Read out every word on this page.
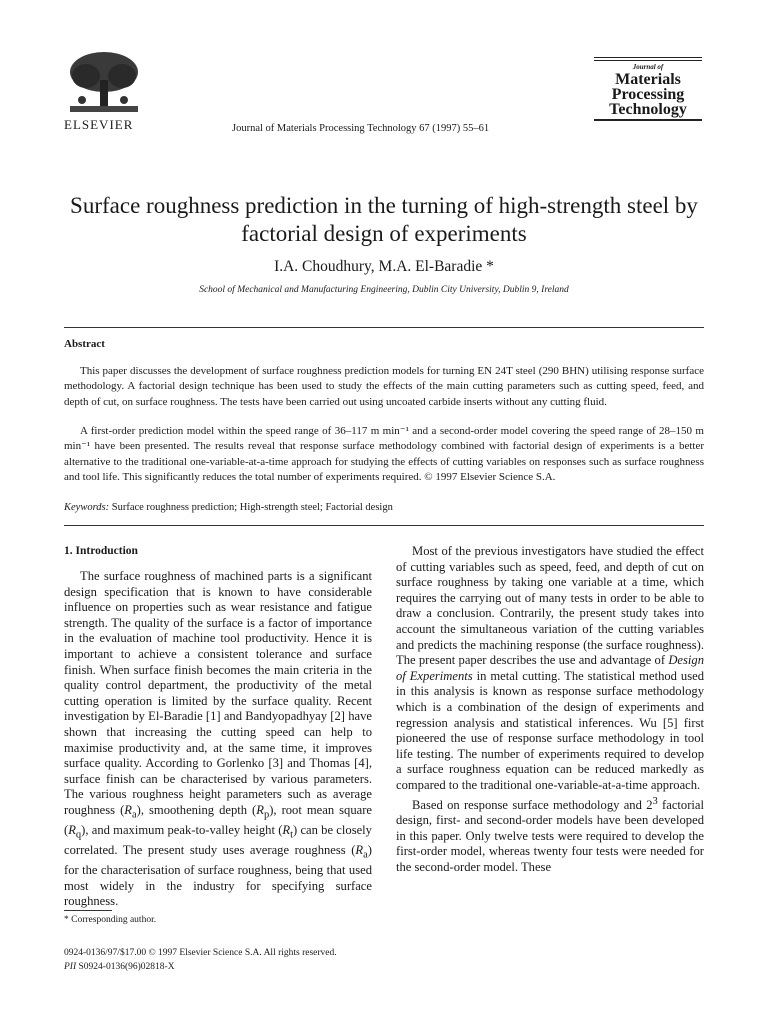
ELSEVIER	Journal of Materials Processing Technology 67 (1997) 55–61
Journal of
Materials
Processing
Technology
Surface roughness prediction in the turning of high-strength steel by factorial design of experiments
I.A. Choudhury, M.A. El-Baradie *
School of Mechanical and Manufacturing Engineering, Dublin City University, Dublin 9, Ireland
Abstract
This paper discusses the development of surface roughness prediction models for turning EN 24T steel (290 BHN) utilising response surface methodology. A factorial design technique has been used to study the effects of the main cutting parameters such as cutting speed, feed, and depth of cut, on surface roughness. The tests have been carried out using uncoated carbide inserts without any cutting fluid.
A first-order prediction model within the speed range of 36–117 m min⁻¹ and a second-order model covering the speed range of 28–150 m min⁻¹ have been presented. The results reveal that response surface methodology combined with factorial design of experiments is a better alternative to the traditional one-variable-at-a-time approach for studying the effects of cutting variables on responses such as surface roughness and tool life. This significantly reduces the total number of experiments required. © 1997 Elsevier Science S.A.
Keywords: Surface roughness prediction; High-strength steel; Factorial design
1. Introduction

The surface roughness of machined parts is a significant design specification that is known to have considerable influence on properties such as wear resistance and fatigue strength. The quality of the surface is a factor of importance in the evaluation of machine tool productivity. Hence it is important to achieve a consistent tolerance and surface finish. When surface finish becomes the main criteria in the quality control department, the productivity of the metal cutting operation is limited by the surface quality. Recent investigation by El-Baradie [1] and Bandyopadhyay [2] have shown that increasing the cutting speed can help to maximise productivity and, at the same time, it improves surface quality. According to Gorlenko [3] and Thomas [4], surface finish can be characterised by various parameters. The various roughness height parameters such as average roughness $(R_a)$, smoothening depth $(R_p)$, root mean square $(R_q)$, and maximum peak-to-valley height $(R_t)$ can be closely correlated. The present study uses average roughness $(R_a)$ for the characterisation of surface roughness, being that used most widely in the industry for specifying surface roughness.

Most of the previous investigators have studied the effect of cutting variables such as speed, feed, and depth of cut on surface roughness by taking one variable at a time, which requires the carrying out of many tests in order to be able to draw a conclusion. Contrarily, the present study takes into account the simultaneous variation of the cutting variables and predicts the machining response (the surface roughness). The present paper describes the use and advantage of Design of Experiments in metal cutting. The statistical method used in this analysis is known as response surface methodology which is a combination of the design of experiments and regression analysis and statistical inferences. Wu [5] first pioneered the use of response surface methodology in tool life testing. The number of experiments required to develop a surface roughness equation can be reduced markedly as compared to the traditional one-variable-at-a-time approach.

Based on response surface methodology and $2^3$ factorial design, first- and second-order models have been developed in this paper. Only twelve tests were required to develop the first-order model, whereas twenty four tests were needed for the second-order model. These

* Corresponding author.
0924-0136/97/$17.00 © 1997 Elsevier Science S.A. All rights reserved.
PII S0924-0136(96)02818-X
